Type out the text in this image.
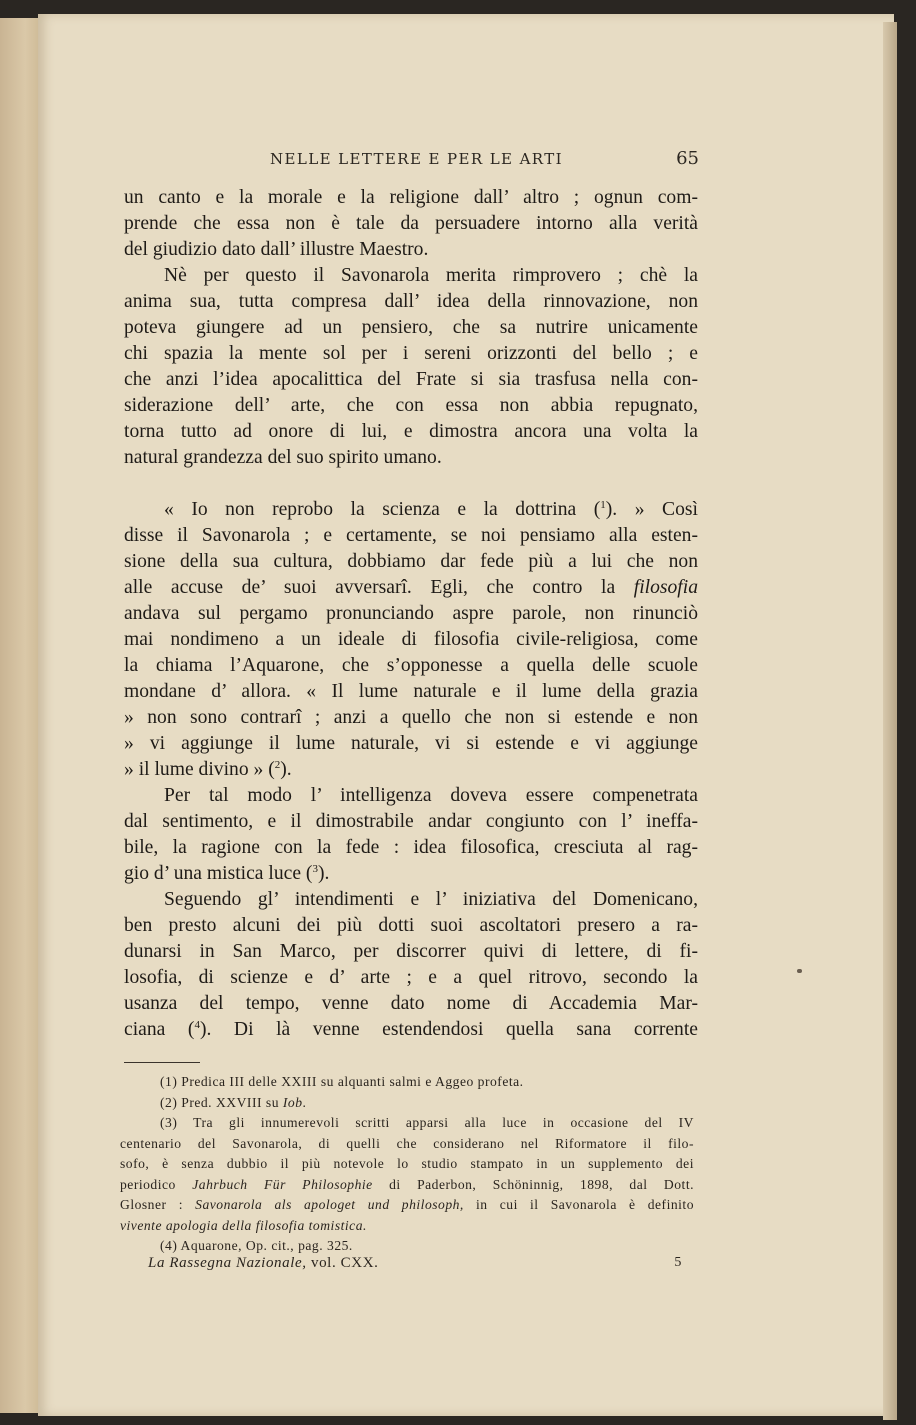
NELLE LETTERE E PER LE ARTI	65
un canto e la morale e la religione dall’ altro ; ognun com-
prende che essa non è tale da persuadere intorno alla verità
del giudizio dato dall’ illustre Maestro.
Nè per questo il Savonarola merita rimprovero ; chè la
anima sua, tutta compresa dall’ idea della rinnovazione, non
poteva giungere ad un pensiero, che sa nutrire unicamente
chi spazia la mente sol per i sereni orizzonti del bello ; e
che anzi l’idea apocalittica del Frate si sia trasfusa nella con-
siderazione dell’ arte, che con essa non abbia repugnato,
torna tutto ad onore di lui, e dimostra ancora una volta la
natural grandezza del suo spirito umano.
« Io non reprobo la scienza e la dottrina ($^1$). » Così
disse il Savonarola ; e certamente, se noi pensiamo alla esten-
sione della sua cultura, dobbiamo dar fede più a lui che non
alle accuse de’ suoi avversarî. Egli, che contro la filosofia
andava sul pergamo pronunciando aspre parole, non rinunciò
mai nondimeno a un ideale di filosofia civile-religiosa, come
la chiama l’Aquarone, che s’opponesse a quella delle scuole
mondane d’ allora. « Il lume naturale e il lume della grazia
» non sono contrarî ; anzi a quello che non si estende e non
» vi aggiunge il lume naturale, vi si estende e vi aggiunge
» il lume divino » ($^2$).
Per tal modo l’ intelligenza doveva essere compenetrata
dal sentimento, e il dimostrabile andar congiunto con l’ ineffa-
bile, la ragione con la fede : idea filosofica, cresciuta al rag-
gio d’ una mistica luce ($^3$).
Seguendo gl’ intendimenti e l’ iniziativa del Domenicano,
ben presto alcuni dei più dotti suoi ascoltatori presero a ra-
dunarsi in San Marco, per discorrer quivi di lettere, di fi-
losofia, di scienze e d’ arte ; e a quel ritrovo, secondo la
usanza del tempo, venne dato nome di Accademia Mar-
ciana ($^4$). Di là venne estendendosi quella sana corrente
(1) Predica III delle XXIII su alquanti salmi e Aggeo profeta.
(2) Pred. XXVIII su Iob.
(3) Tra gli innumerevoli scritti apparsi alla luce in occasione del IV
centenario del Savonarola, di quelli che considerano nel Riformatore il filo-
sofo, è senza dubbio il più notevole lo studio stampato in un supplemento dei
periodico Jahrbuch Für Philosophie di Paderbon, Schöninnig, 1898, dal Dott.
Glosner : Savonarola als apologet und philosoph, in cui il Savonarola è definito
vivente apologia della filosofia tomistica.
(4) Aquarone, Op. cit., pag. 325.
La Rassegna Nazionale, vol. CXX.	5
